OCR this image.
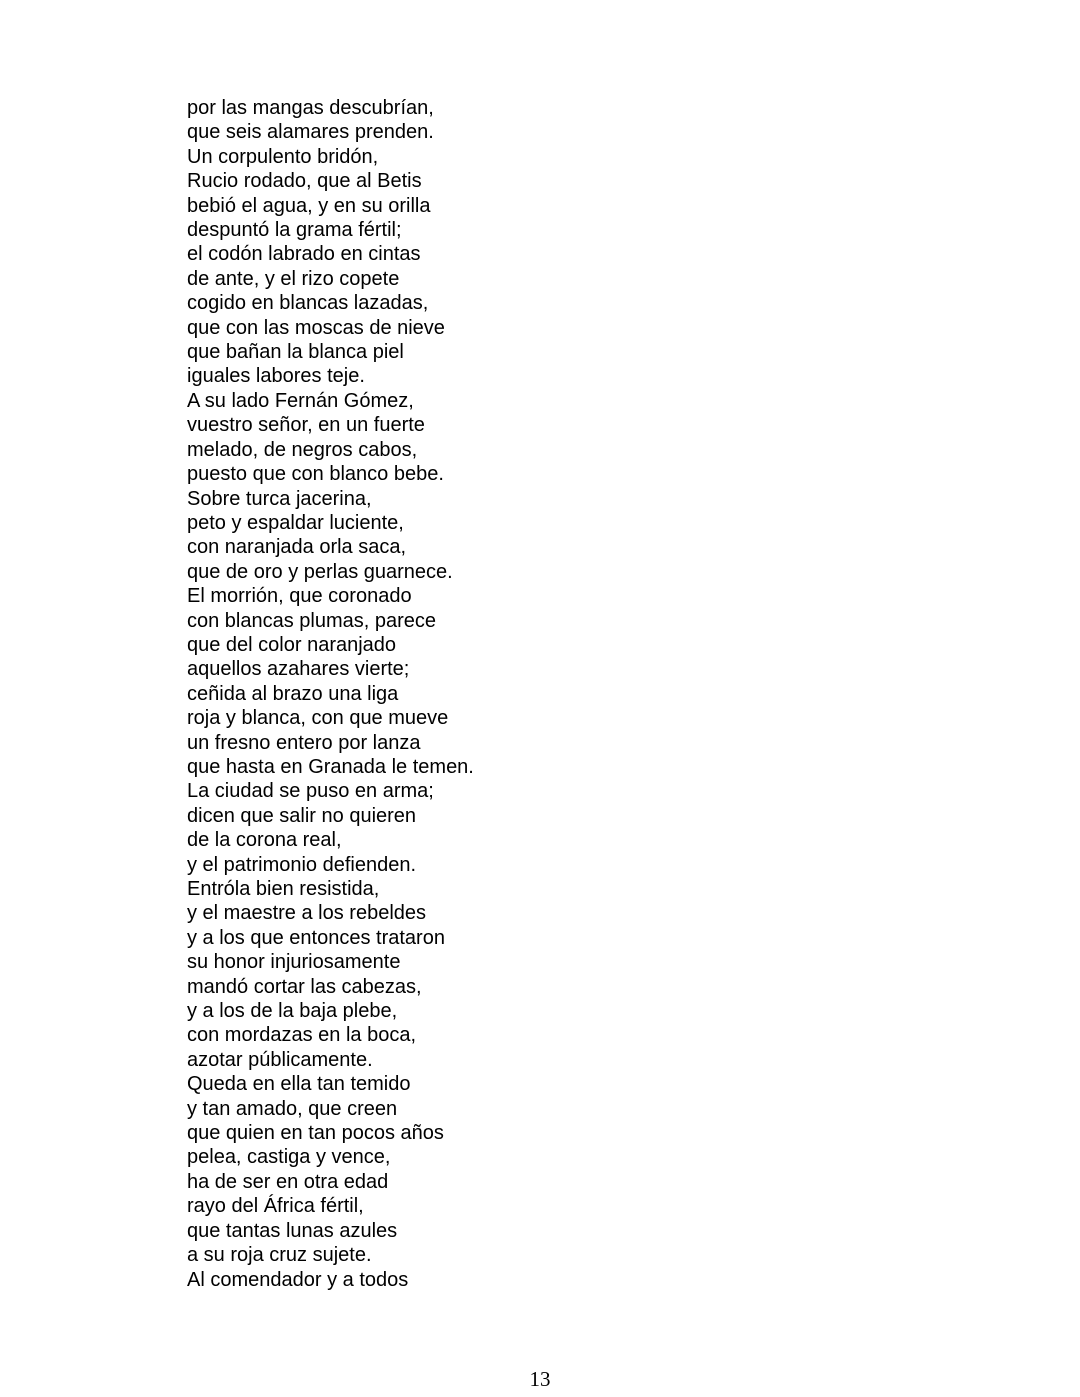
por las mangas descubrían,
que seis alamares prenden.
Un corpulento bridón,
Rucio rodado, que al Betis
bebió el agua, y en su orilla
despuntó la grama fértil;
el codón labrado en cintas
de ante, y el rizo copete
cogido en blancas lazadas,
que con las moscas de nieve
que bañan la blanca piel
iguales labores teje.
A su lado Fernán Gómez,
vuestro señor, en un fuerte
melado, de negros cabos,
puesto que con blanco bebe.
Sobre turca jacerina,
peto y espaldar luciente,
con naranjada orla saca,
que de oro y perlas guarnece.
El morrión, que coronado
con blancas plumas, parece
que del color naranjado
aquellos azahares vierte;
ceñida al brazo una liga
roja y blanca, con que mueve
un fresno entero por lanza
que hasta en Granada le temen.
La ciudad se puso en arma;
dicen que salir no quieren
de la corona real,
y el patrimonio defienden.
Entróla bien resistida,
y el maestre a los rebeldes
y a los que entonces trataron
su honor injuriosamente
mandó cortar las cabezas,
y a los de la baja plebe,
con mordazas en la boca,
azotar públicamente.
Queda en ella tan temido
y tan amado, que creen
que quien en tan pocos años
pelea, castiga y vence,
ha de ser en otra edad
rayo del África fértil,
que tantas lunas azules
a su roja cruz sujete.
Al comendador y a todos
13
